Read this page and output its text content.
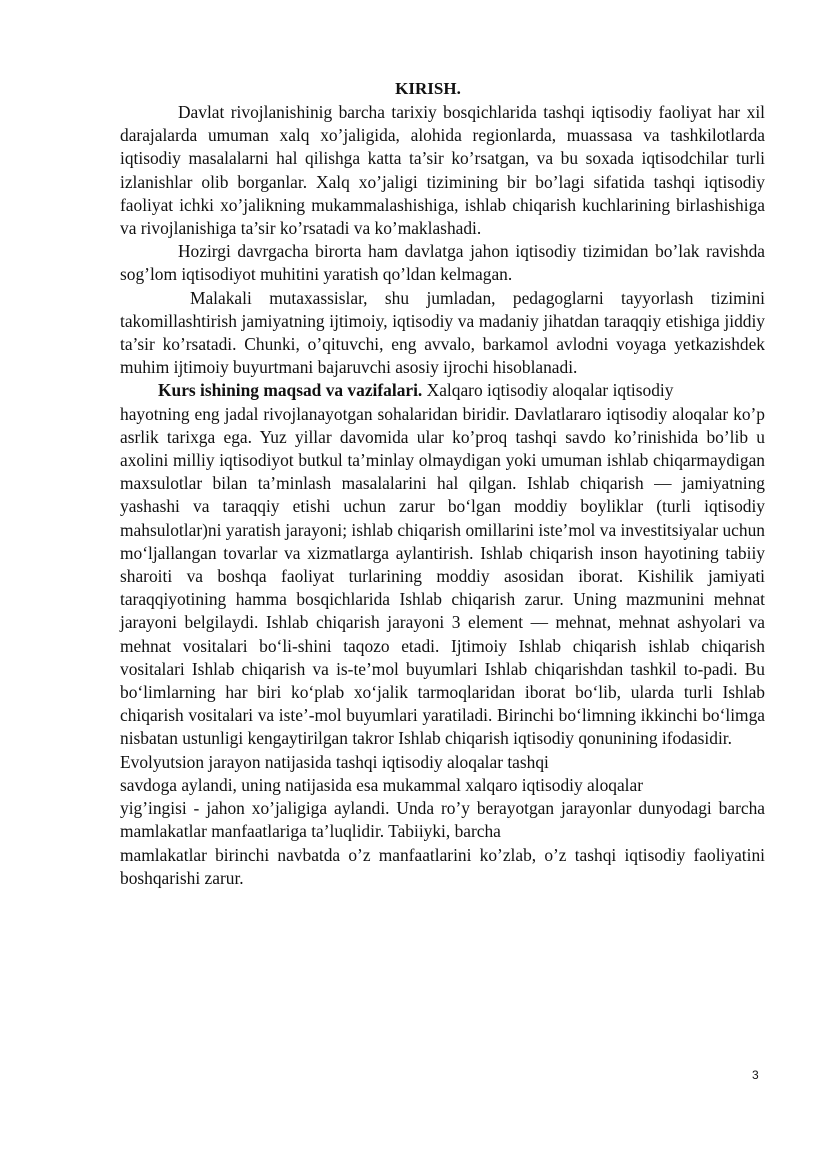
KIRISH.

Davlat rivojlanishinig barcha tarixiy bosqichlarida tashqi iqtisodiy faoliyat har xil darajalarda umuman xalq xo’jaligida, alohida regionlarda, muassasa va tashkilotlarda iqtisodiy masalalarni hal qilishga katta ta’sir ko’rsatgan, va bu soxada iqtisodchilar turli izlanishlar olib borganlar. Xalq xo’jaligi tizimining bir bo’lagi sifatida tashqi iqtisodiy faoliyat ichki xo’jalikning mukammalashishiga, ishlab chiqarish kuchlarining birlashishiga va rivojlanishiga ta’sir ko’rsatadi va ko’maklashadi.

Hozirgi davrgacha birorta ham davlatga jahon iqtisodiy tizimidan bo’lak ravishda sog’lom iqtisodiyot muhitini yaratish qo’ldan kelmagan.

Malakali mutaxassislar, shu jumladan, pedagoglarni tayyorlash tizimini takomillashtirish jamiyatning ijtimoiy, iqtisodiy va madaniy jihatdan taraqqiy etishiga jiddiy ta’sir ko’rsatadi. Chunki, o’qituvchi, eng avvalo, barkamol avlodni voyaga yetkazishdek muhim ijtimoiy buyurtmani bajaruvchi asosiy ijrochi hisoblanadi.

Kurs ishining maqsad va vazifalari. Xalqaro iqtisodiy aloqalar iqtisodiy

hayotning eng jadal rivojlanayotgan sohalaridan biridir. Davlatlararo iqtisodiy aloqalar ko’p asrlik tarixga ega. Yuz yillar davomida ular ko’proq tashqi savdo ko’rinishida bo’lib u axolini milliy iqtisodiyot butkul ta’minlay olmaydigan yoki umuman ishlab chiqarmaydigan maxsulotlar bilan ta’minlash masalalarini hal qilgan. Ishlab chiqarish — jamiyatning yashashi va taraqqiy etishi uchun zarur bo‘lgan moddiy boyliklar (turli iqtisodiy mahsulotlar)ni yaratish jarayoni; ishlab chiqarish omillarini iste’mol va investitsiyalar uchun mo‘ljallangan tovarlar va xizmatlarga aylantirish. Ishlab chiqarish inson hayotining tabiiy sharoiti va boshqa faoliyat turlarining moddiy asosidan iborat. Kishilik jamiyati taraqqiyotining hamma bosqichlarida Ishlab chiqarish zarur. Uning mazmunini mehnat jarayoni belgilaydi. Ishlab chiqarish jarayoni 3 element — mehnat, mehnat ashyolari va mehnat vositalari bo‘li-shini taqozo etadi. Ijtimoiy Ishlab chiqarish ishlab chiqarish vositalari Ishlab chiqarish va is-te’mol buyumlari Ishlab chiqarishdan tashkil to-padi. Bu bo‘limlarning har biri ko‘plab xo‘jalik tarmoqlaridan iborat bo‘lib, ularda turli Ishlab chiqarish vositalari va iste’-mol buyumlari yaratiladi. Birinchi bo‘limning ikkinchi bo‘limga nisbatan ustunligi kengaytirilgan takror Ishlab chiqarish iqtisodiy qonunining ifodasidir.

Evolyutsion jarayon natijasida tashqi iqtisodiy aloqalar tashqi

savdoga aylandi, uning natijasida esa mukammal xalqaro iqtisodiy aloqalar

yig’ingisi - jahon xo’jaligiga aylandi. Unda ro’y berayotgan jarayonlar dunyodagi barcha mamlakatlar manfaatlariga ta’luqlidir. Tabiiyki, barcha

mamlakatlar birinchi navbatda o’z manfaatlarini ko’zlab, o’z tashqi iqtisodiy faoliyatini boshqarishi zarur.

3
